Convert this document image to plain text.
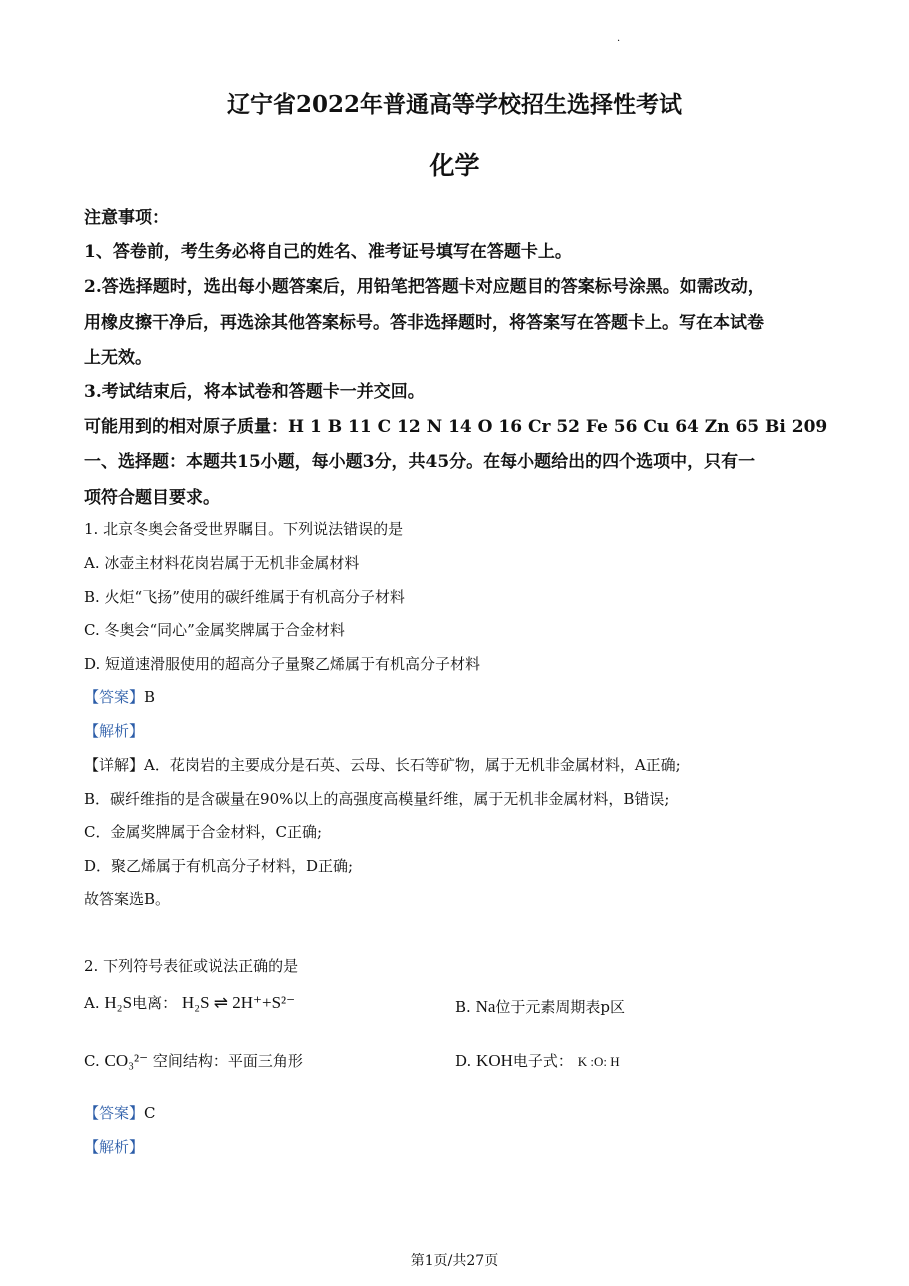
·
辽宁省2022年普通高等学校招生选择性考试
化学
注意事项：
1、答卷前，考生务必将自己的姓名、准考证号填写在答题卡上。
2.答选择题时，选出每小题答案后，用铅笔把答题卡对应题目的答案标号涂黑。如需改动，
用橡皮擦干净后，再选涂其他答案标号。答非选择题时，将答案写在答题卡上。写在本试卷
上无效。
3.考试结束后，将本试卷和答题卡一并交回。
可能用到的相对原子质量：H 1 B 11 C 12 N 14 O 16 Cr 52 Fe 56 Cu 64 Zn 65 Bi 209
一、选择题：本题共15小题，每小题3分，共45分。在每小题给出的四个选项中，只有一
项符合题目要求。
1. 北京冬奥会备受世界瞩目。下列说法错误的是
A. 冰壶主材料花岗岩属于无机非金属材料
B. 火炬“飞扬”使用的碳纤维属于有机高分子材料
C. 冬奥会“同心”金属奖牌属于合金材料
D. 短道速滑服使用的超高分子量聚乙烯属于有机高分子材料
【答案】B
【解析】
【详解】A．花岗岩的主要成分是石英、云母、长石等矿物，属于无机非金属材料，A正确;
B．碳纤维指的是含碳量在90%以上的高强度高模量纤维，属于无机非金属材料，B错误;
C．金属奖牌属于合金材料，C正确;
D．聚乙烯属于有机高分子材料，D正确;
故答案选B。
2. 下列符号表征或说法正确的是
A. H₂S电离： H₂S ⇌ 2H⁺+S²⁻	B. Na位于元素周期表p区
C. CO₃²⁻ 空间结构：平面三角形	D. KOH电子式： K :O: H
【答案】C
【解析】
第1页/共27页
